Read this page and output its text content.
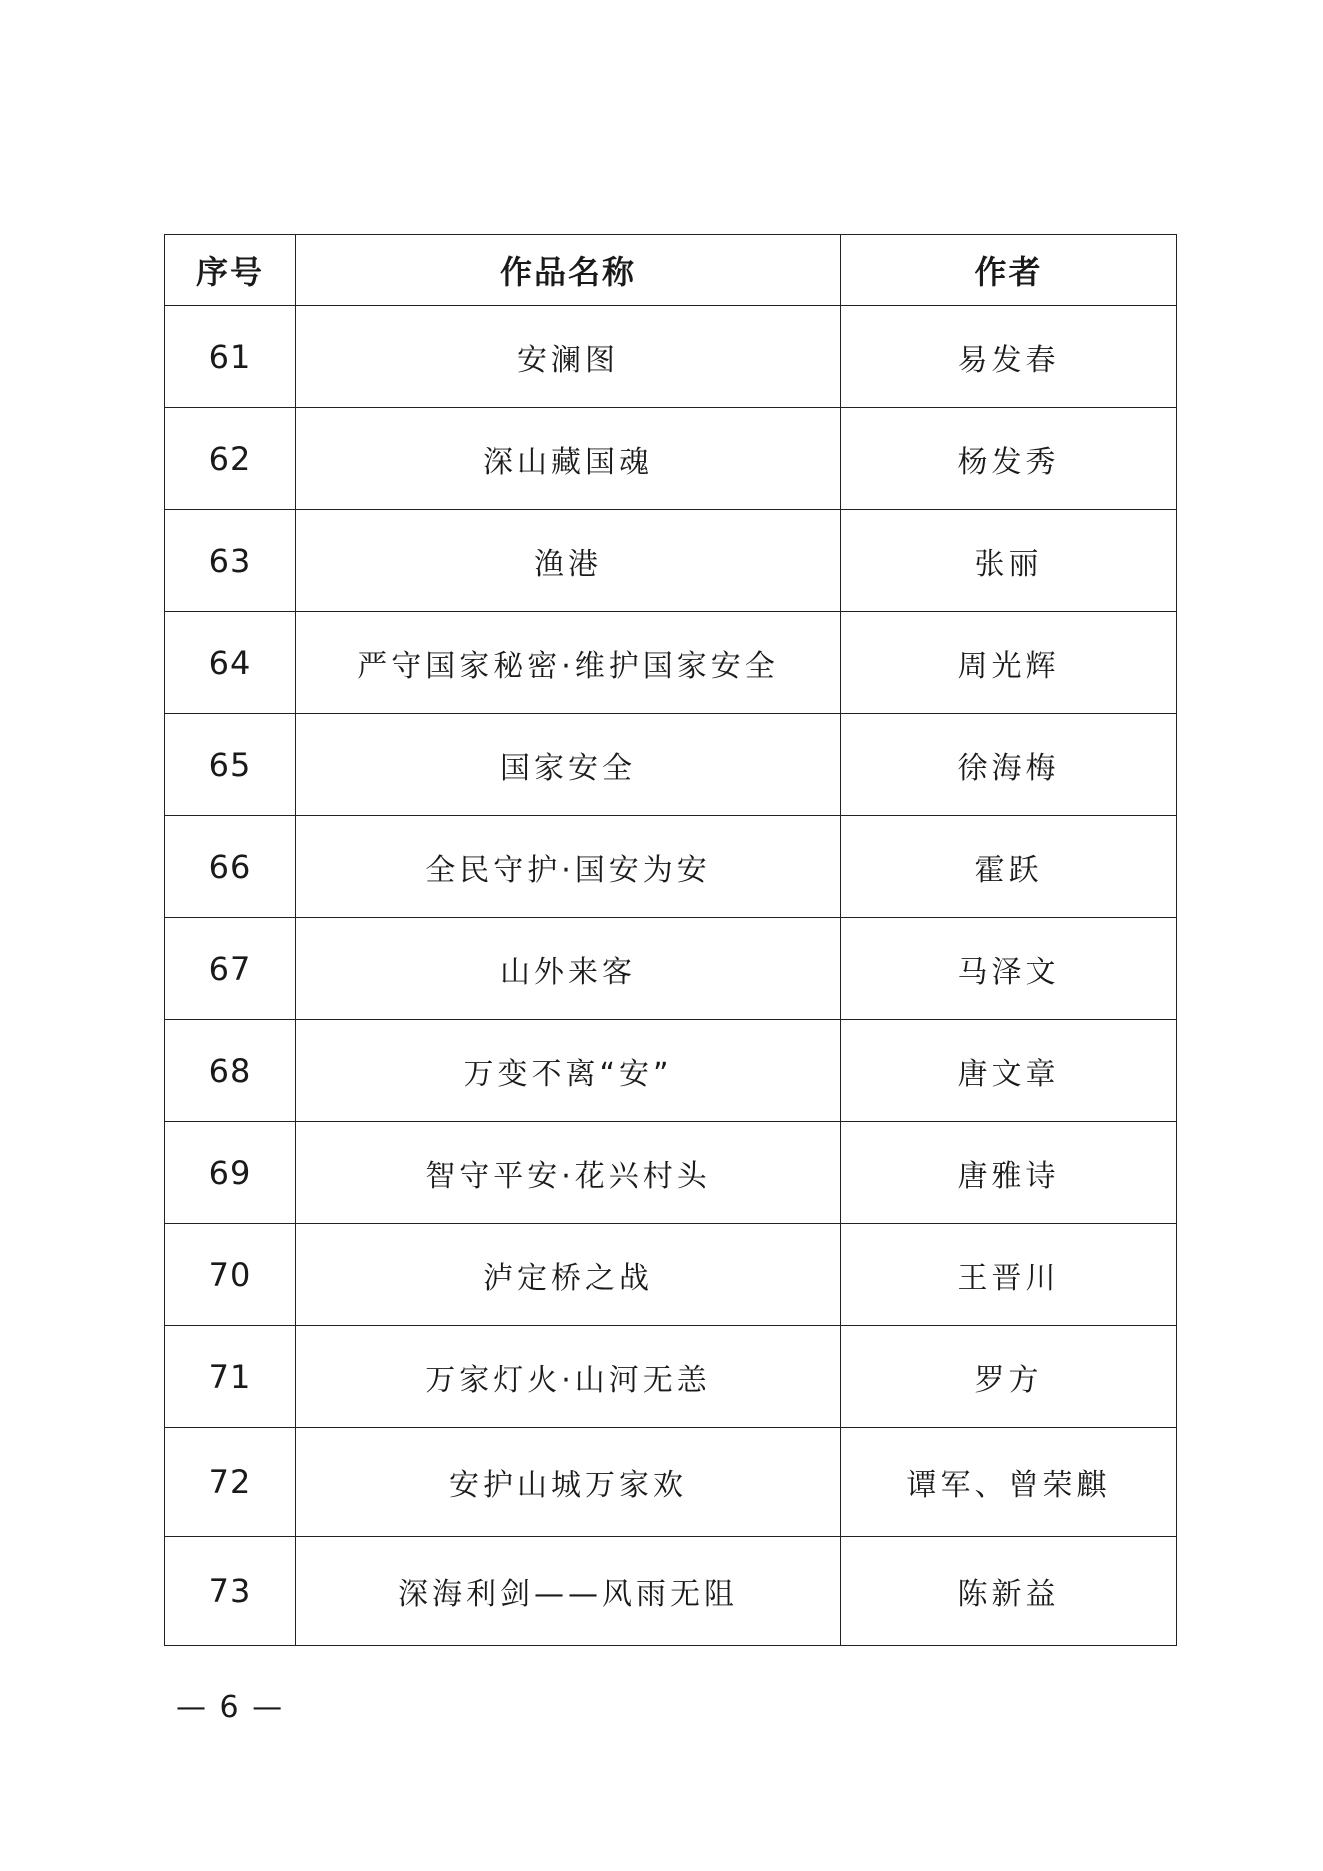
序号	作品名称	作者
61	安澜图	易发春
62	深山藏国魂	杨发秀
63	渔港	张丽
64	严守国家秘密·维护国家安全	周光辉
65	国家安全	徐海梅
66	全民守护·国安为安	霍跃
67	山外来客	马泽文
68	万变不离“安”	唐文章
69	智守平安·花兴村头	唐雅诗
70	泸定桥之战	王晋川
71	万家灯火·山河无恙	罗方
72	安护山城万家欢	谭军、曾荣麒
73	深海利剑——风雨无阻	陈新益
— 6 —
